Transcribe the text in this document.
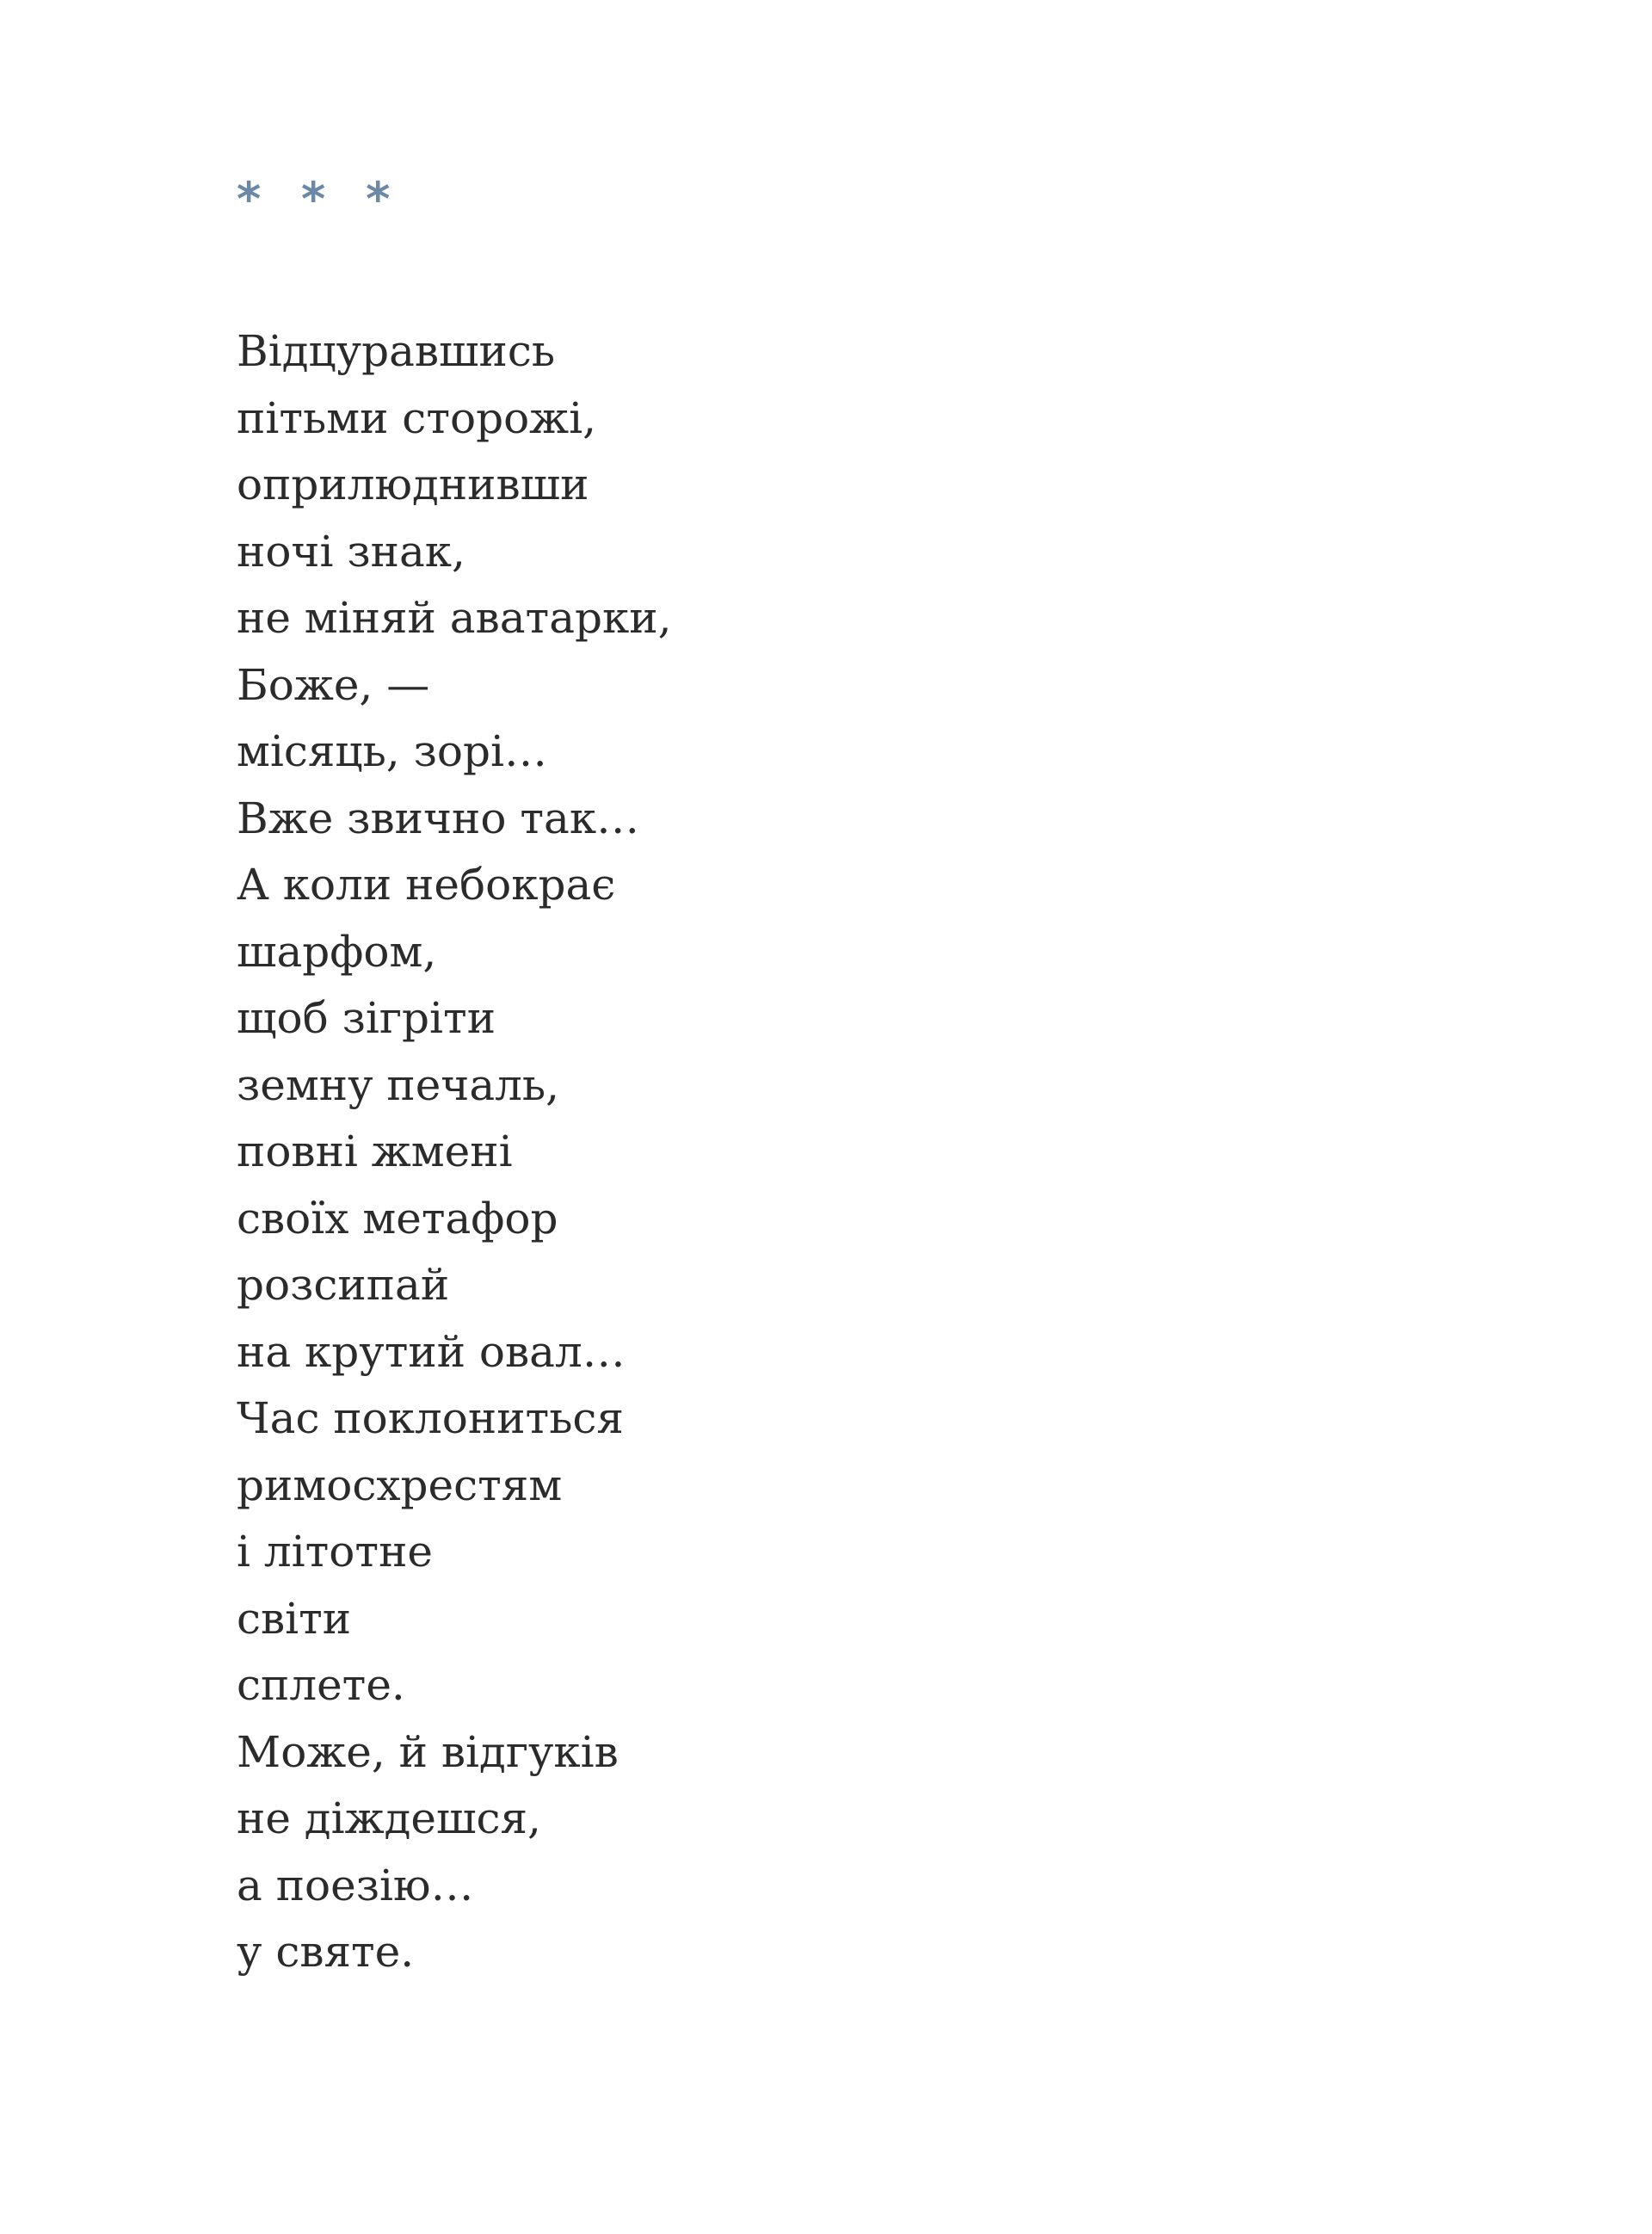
* * *
Відцуравшись
пітьми сторожі,
оприлюднивши
ночі знак,
не міняй аватарки,
Боже, —
місяць, зорі…
Вже звично так…
А коли небокрає
шарфом,
щоб зігріти
земну печаль,
повні жмені
своїх метафор
розсипай
на крутий овал…
Час поклониться
римосхрестям
і літотне
світи
сплете.
Може, й відгуків
не діждешся,
а поезію…
у святе.
